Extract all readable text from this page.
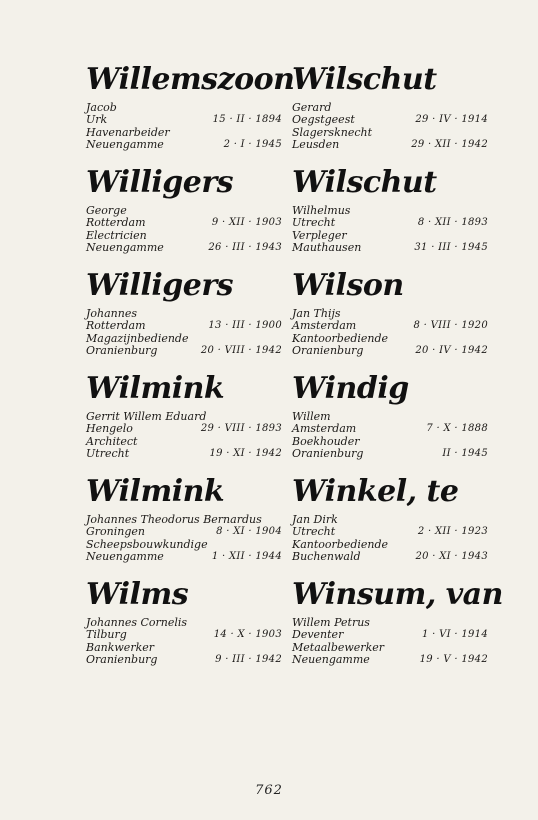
Willemszoon
Jacob
Urk	15 · II · 1894
Havenarbeider
Neuengamme	2 · I · 1945
Willigers
George
Rotterdam	9 · XII · 1903
Electricien
Neuengamme	26 · III · 1943
Willigers
Johannes
Rotterdam	13 · III · 1900
Magazijnbediende
Oranienburg	20 · VIII · 1942
Wilmink
Gerrit Willem Eduard
Hengelo	29 · VIII · 1893
Architect
Utrecht	19 · XI · 1942
Wilmink
Johannes Theodorus Bernardus
Groningen	8 · XI · 1904
Scheepsbouwkundige
Neuengamme	1 · XII · 1944
Wilms
Johannes Cornelis
Tilburg	14 · X · 1903
Bankwerker
Oranienburg	9 · III · 1942
Wilschut
Gerard
Oegstgeest	29 · IV · 1914
Slagersknecht
Leusden	29 · XII · 1942
Wilschut
Wilhelmus
Utrecht	8 · XII · 1893
Verpleger
Mauthausen	31 · III · 1945
Wilson
Jan Thijs
Amsterdam	8 · VIII · 1920
Kantoorbediende
Oranienburg	20 · IV · 1942
Windig
Willem
Amsterdam	7 · X · 1888
Boekhouder
Oranienburg	II · 1945
Winkel, te
Jan Dirk
Utrecht	2 · XII · 1923
Kantoorbediende
Buchenwald	20 · XI · 1943
Winsum, van
Willem Petrus
Deventer	1 · VI · 1914
Metaalbewerker
Neuengamme	19 · V · 1942
762
